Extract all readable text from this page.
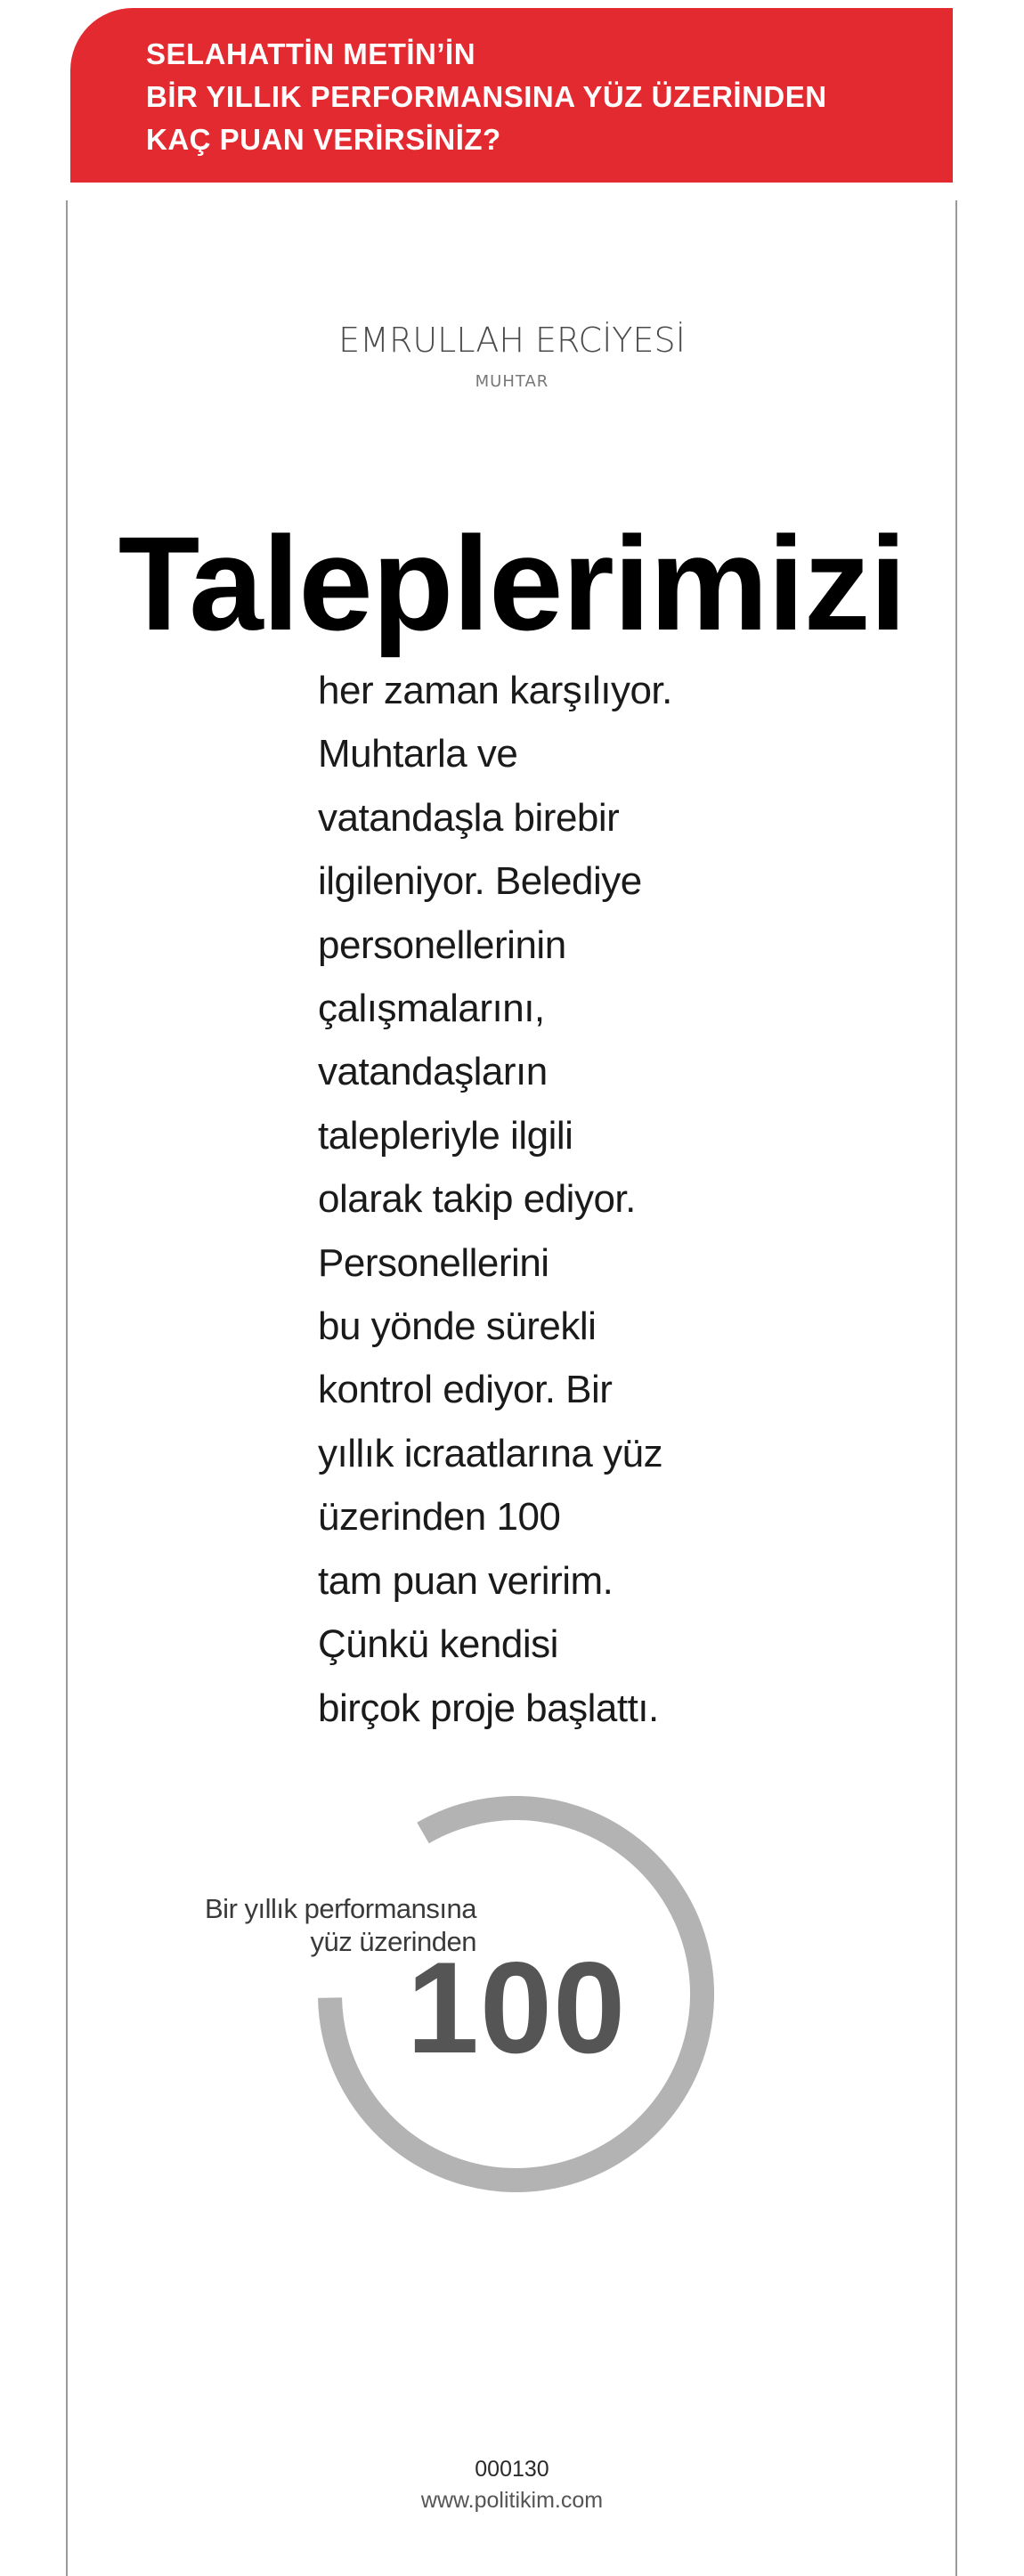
SELAHATTİN METİN’İN
BİR YILLIK PERFORMANSINA YÜZ ÜZERİNDEN
KAÇ PUAN VERİRSİNİZ?
EMRULLAH ERCİYESİ
MUHTAR
Taleplerimizi
her zaman karşılıyor.
Muhtarla ve
vatandaşla birebir
ilgileniyor. Belediye
personellerinin
çalışmalarını,
vatandaşların
talepleriyle ilgili
olarak takip ediyor.
Personellerini
bu yönde sürekli
kontrol ediyor. Bir
yıllık icraatlarına yüz
üzerinden 100
tam puan veririm.
Çünkü kendisi
birçok proje başlattı.
Bir yıllık performansına
yüz üzerinden
100
000130
www.politikim.com
